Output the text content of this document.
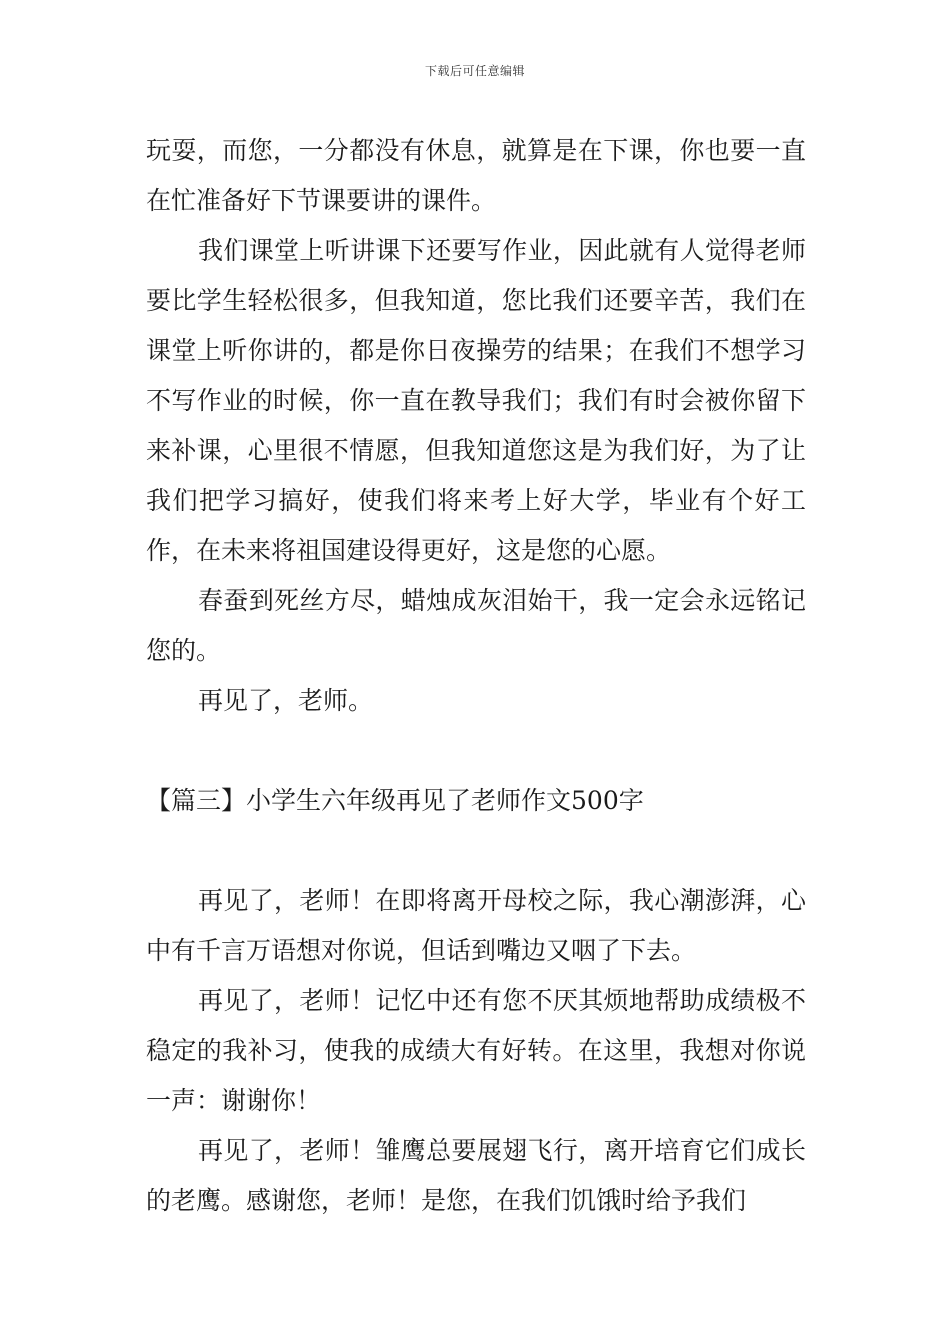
下载后可任意编辑

玩耍，而您，一分都没有休息，就算是在下课，你也要一直在忙准备好下节课要讲的课件。

我们课堂上听讲课下还要写作业，因此就有人觉得老师要比学生轻松很多，但我知道，您比我们还要辛苦，我们在课堂上听你讲的，都是你日夜操劳的结果；在我们不想学习不写作业的时候，你一直在教导我们；我们有时会被你留下来补课，心里很不情愿，但我知道您这是为我们好，为了让我们把学习搞好，使我们将来考上好大学，毕业有个好工作，在未来将祖国建设得更好，这是您的心愿。

春蚕到死丝方尽，蜡烛成灰泪始干，我一定会永远铭记您的。

再见了，老师。

【篇三】小学生六年级再见了老师作文500字

再见了，老师！在即将离开母校之际，我心潮澎湃，心中有千言万语想对你说，但话到嘴边又咽了下去。

再见了，老师！记忆中还有您不厌其烦地帮助成绩极不稳定的我补习，使我的成绩大有好转。在这里，我想对你说一声：谢谢你！

再见了，老师！雏鹰总要展翅飞行，离开培育它们成长的老鹰。感谢您，老师！是您，在我们饥饿时给予我们
